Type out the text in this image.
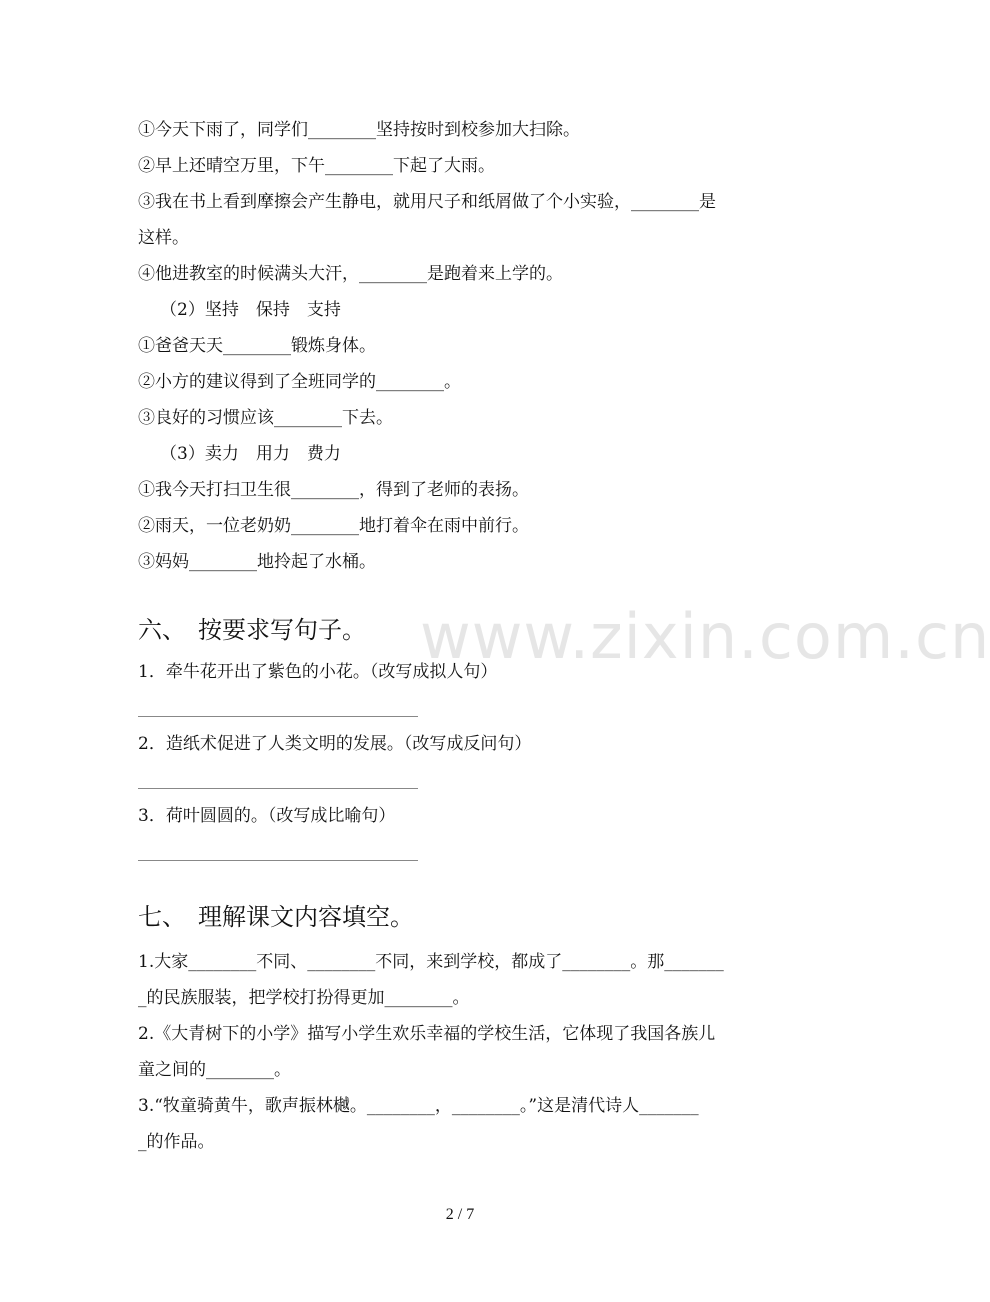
www.zixin.com.cn
①今天下雨了，同学们________坚持按时到校参加大扫除。
②早上还晴空万里，下午________下起了大雨。
③我在书上看到摩擦会产生静电，就用尺子和纸屑做了个小实验，________是
这样。
④他进教室的时候满头大汗，________是跑着来上学的。
（2）坚持　保持　支持
①爸爸天天________锻炼身体。
②小方的建议得到了全班同学的________。
③良好的习惯应该________下去。
（3）卖力　用力　费力
①我今天打扫卫生很________，得到了老师的表扬。
②雨天，一位老奶奶________地打着伞在雨中前行。
③妈妈________地拎起了水桶。
六、　按要求写句子。
1．牵牛花开出了紫色的小花。（改写成拟人句）
2．造纸术促进了人类文明的发展。（改写成反问句）
3．荷叶圆圆的。（改写成比喻句）
七、　理解课文内容填空。
1.大家________不同、________不同，来到学校，都成了________。那_______
_的民族服装，把学校打扮得更加________。
2.《大青树下的小学》描写小学生欢乐幸福的学校生活，它体现了我国各族儿
童之间的________。
3.“牧童骑黄牛，歌声振林樾。________，________。”这是清代诗人_______
_的作品。
2 / 7
